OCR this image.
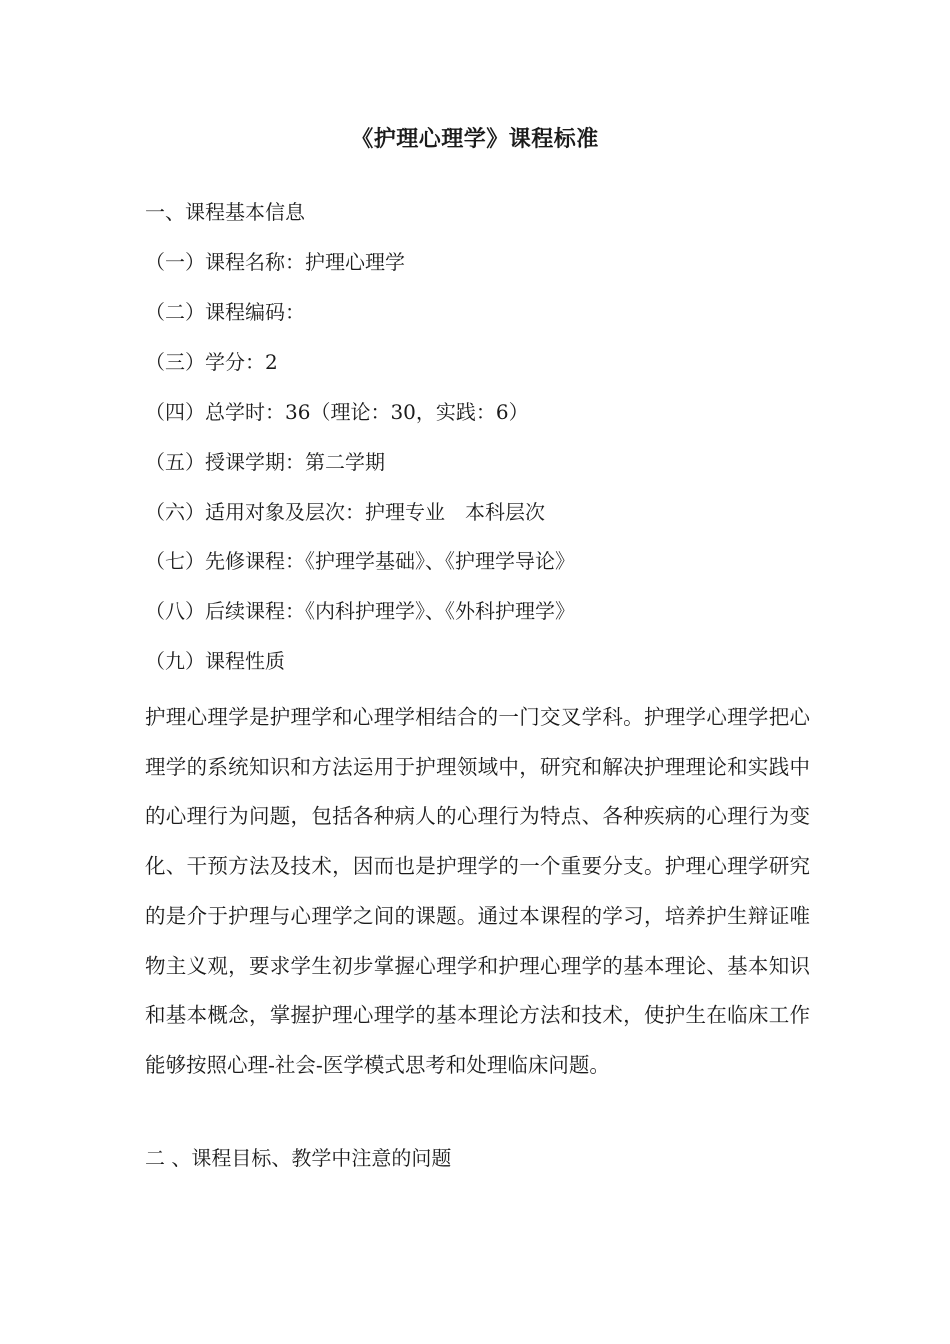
《护理心理学》课程标准
一、课程基本信息
（一）课程名称：护理心理学
（二）课程编码：
（三）学分：2
（四）总学时：36（理论：30，实践：6）
（五）授课学期：第二学期
（六）适用对象及层次：护理专业　本科层次
（七）先修课程：《护理学基础》、《护理学导论》
（八）后续课程：《内科护理学》、《外科护理学》
（九）课程性质

护理心理学是护理学和心理学相结合的一门交叉学科。护理学心理学把心理学的系统知识和方法运用于护理领域中，研究和解决护理理论和实践中的心理行为问题，包括各种病人的心理行为特点、各种疾病的心理行为变化、干预方法及技术，因而也是护理学的一个重要分支。护理心理学研究的是介于护理与心理学之间的课题。通过本课程的学习，培养护生辩证唯物主义观，要求学生初步掌握心理学和护理心理学的基本理论、基本知识和基本概念，掌握护理心理学的基本理论方法和技术，使护生在临床工作能够按照心理-社会-医学模式思考和处理临床问题。

二 、课程目标、教学中注意的问题
